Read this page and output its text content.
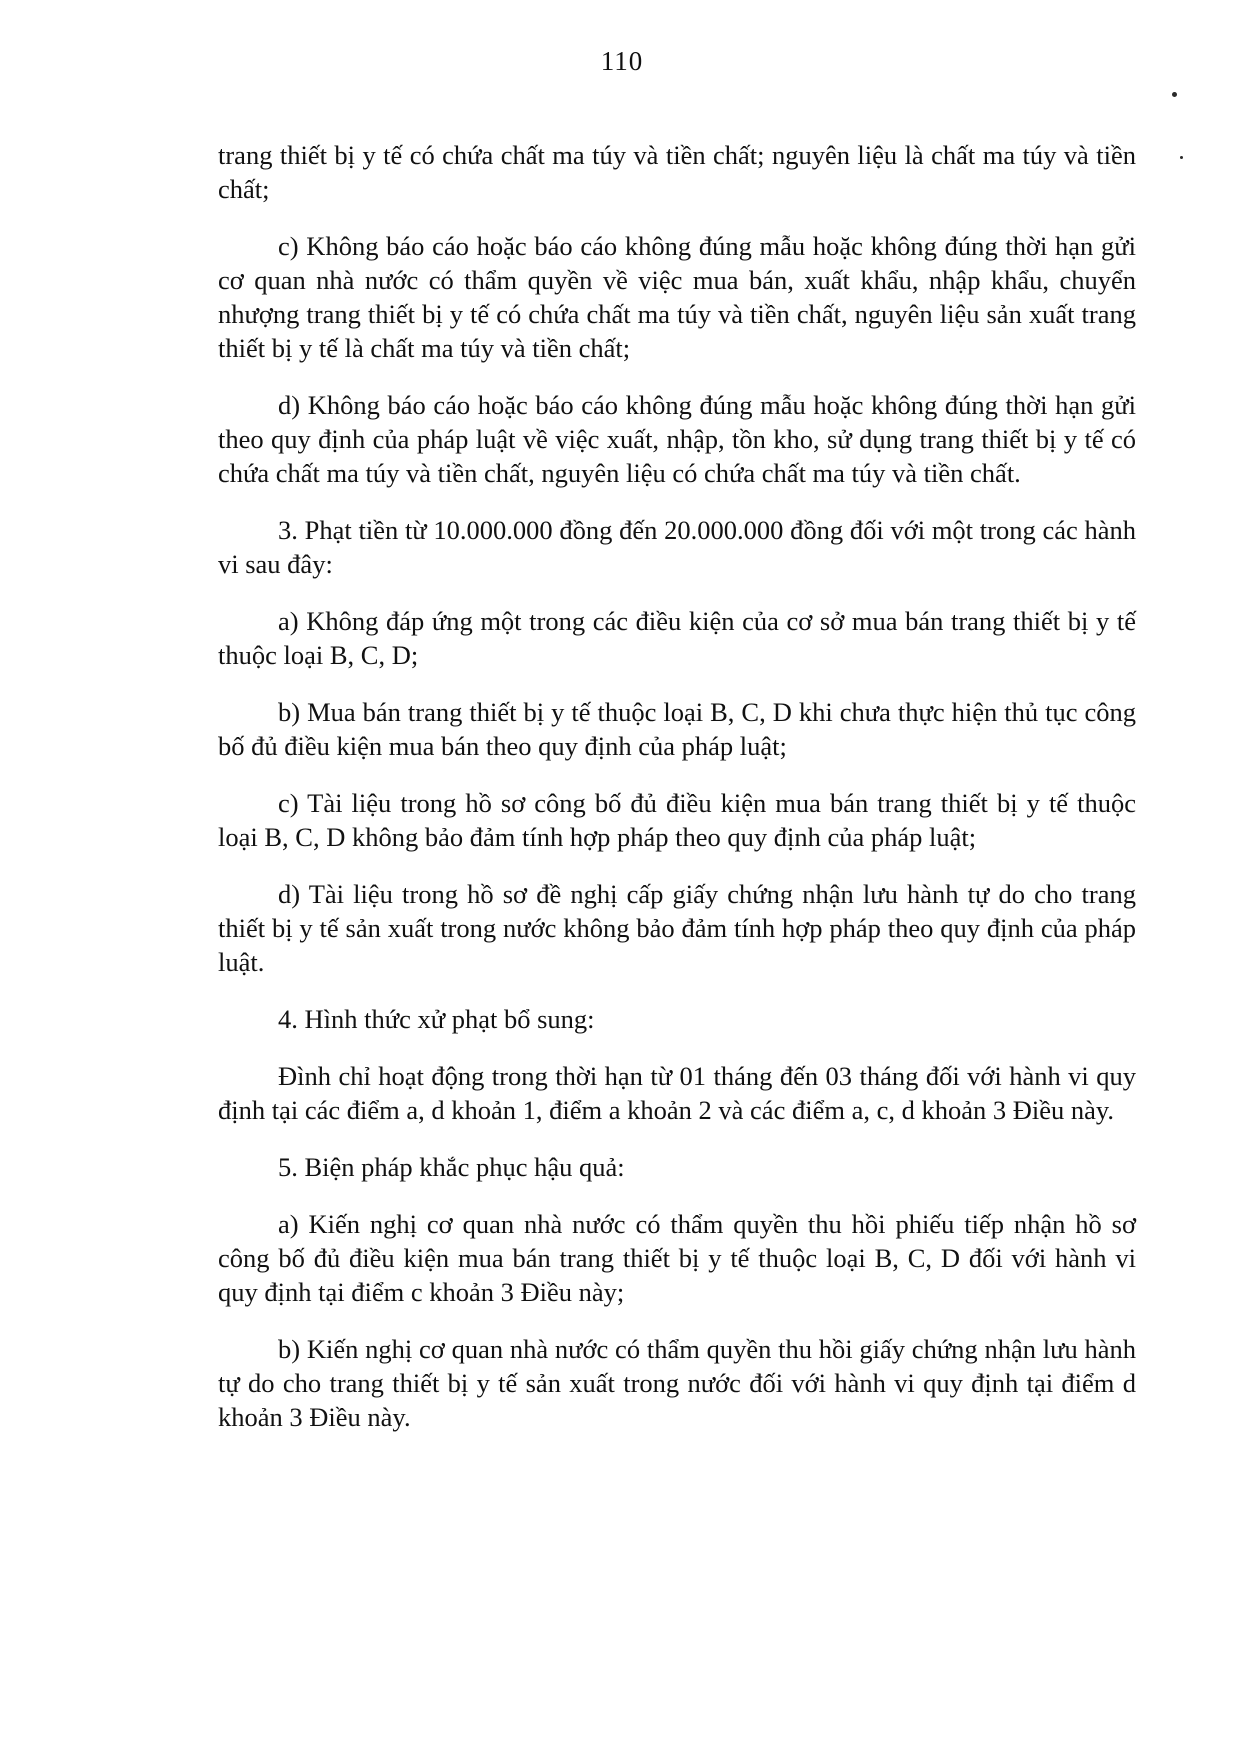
110

trang thiết bị y tế có chứa chất ma túy và tiền chất; nguyên liệu là chất ma túy và tiền chất;

c) Không báo cáo hoặc báo cáo không đúng mẫu hoặc không đúng thời hạn gửi cơ quan nhà nước có thẩm quyền về việc mua bán, xuất khẩu, nhập khẩu, chuyển nhượng trang thiết bị y tế có chứa chất ma túy và tiền chất, nguyên liệu sản xuất trang thiết bị y tế là chất ma túy và tiền chất;

d) Không báo cáo hoặc báo cáo không đúng mẫu hoặc không đúng thời hạn gửi theo quy định của pháp luật về việc xuất, nhập, tồn kho, sử dụng trang thiết bị y tế có chứa chất ma túy và tiền chất, nguyên liệu có chứa chất ma túy và tiền chất.

3. Phạt tiền từ 10.000.000 đồng đến 20.000.000 đồng đối với một trong các hành vi sau đây:

a) Không đáp ứng một trong các điều kiện của cơ sở mua bán trang thiết bị y tế thuộc loại B, C, D;

b) Mua bán trang thiết bị y tế thuộc loại B, C, D khi chưa thực hiện thủ tục công bố đủ điều kiện mua bán theo quy định của pháp luật;

c) Tài liệu trong hồ sơ công bố đủ điều kiện mua bán trang thiết bị y tế thuộc loại B, C, D không bảo đảm tính hợp pháp theo quy định của pháp luật;

d) Tài liệu trong hồ sơ đề nghị cấp giấy chứng nhận lưu hành tự do cho trang thiết bị y tế sản xuất trong nước không bảo đảm tính hợp pháp theo quy định của pháp luật.

4. Hình thức xử phạt bổ sung:

Đình chỉ hoạt động trong thời hạn từ 01 tháng đến 03 tháng đối với hành vi quy định tại các điểm a, d khoản 1, điểm a khoản 2 và các điểm a, c, d khoản 3 Điều này.

5. Biện pháp khắc phục hậu quả:

a) Kiến nghị cơ quan nhà nước có thẩm quyền thu hồi phiếu tiếp nhận hồ sơ công bố đủ điều kiện mua bán trang thiết bị y tế thuộc loại B, C, D đối với hành vi quy định tại điểm c khoản 3 Điều này;

b) Kiến nghị cơ quan nhà nước có thẩm quyền thu hồi giấy chứng nhận lưu hành tự do cho trang thiết bị y tế sản xuất trong nước đối với hành vi quy định tại điểm d khoản 3 Điều này.
